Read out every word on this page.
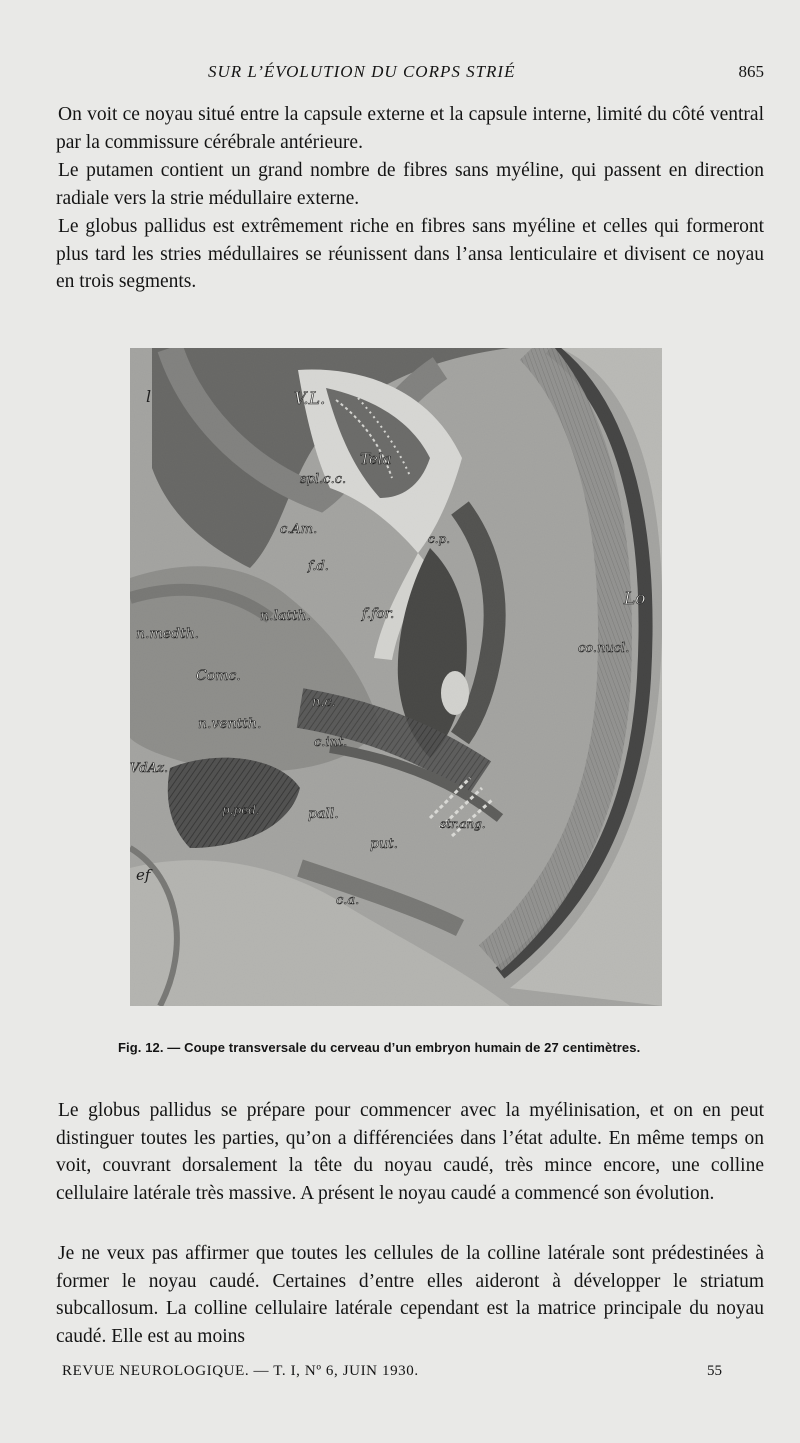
SUR L’ÉVOLUTION DU CORPS STRIÉ	865

On voit ce noyau situé entre la capsule externe et la capsule interne, limité du côté ventral par la commissure cérébrale antérieure.

Le putamen contient un grand nombre de fibres sans myéline, qui passent en direction radiale vers la strie médullaire externe.

Le globus pallidus est extrêmement riche en fibres sans myéline et celles qui formeront plus tard les stries médullaires se réunissent dans l’ansa lenticulaire et divisent ce noyau en trois segments.

V.L.
Tela
spl.c.c.
c.Am.
c.p.
f.d.
f.for.
n.latth.
n.medth.
Comc.
n.ventth.
n.c.
c.int.
co.nucl.
Lo
VdAz.
pall.
put.
str.ang.
p.ped.
c.a.
l
ef
Fig. 12. — Coupe transversale du cerveau d’un embryon humain de 27 centimètres.

Le globus pallidus se prépare pour commencer avec la myélinisation, et on en peut distinguer toutes les parties, qu’on a différenciées dans l’état adulte. En même temps on voit, couvrant dorsalement la tête du noyau caudé, très mince encore, une colline cellulaire latérale très massive. A présent le noyau caudé a commencé son évolution.

Je ne veux pas affirmer que toutes les cellules de la colline latérale sont prédestinées à former le noyau caudé. Certaines d’entre elles aideront à développer le striatum subcallosum. La colline cellulaire latérale cependant est la matrice principale du noyau caudé. Elle est au moins

REVUE NEUROLOGIQUE. — T. I, Nº 6, JUIN 1930.	55
